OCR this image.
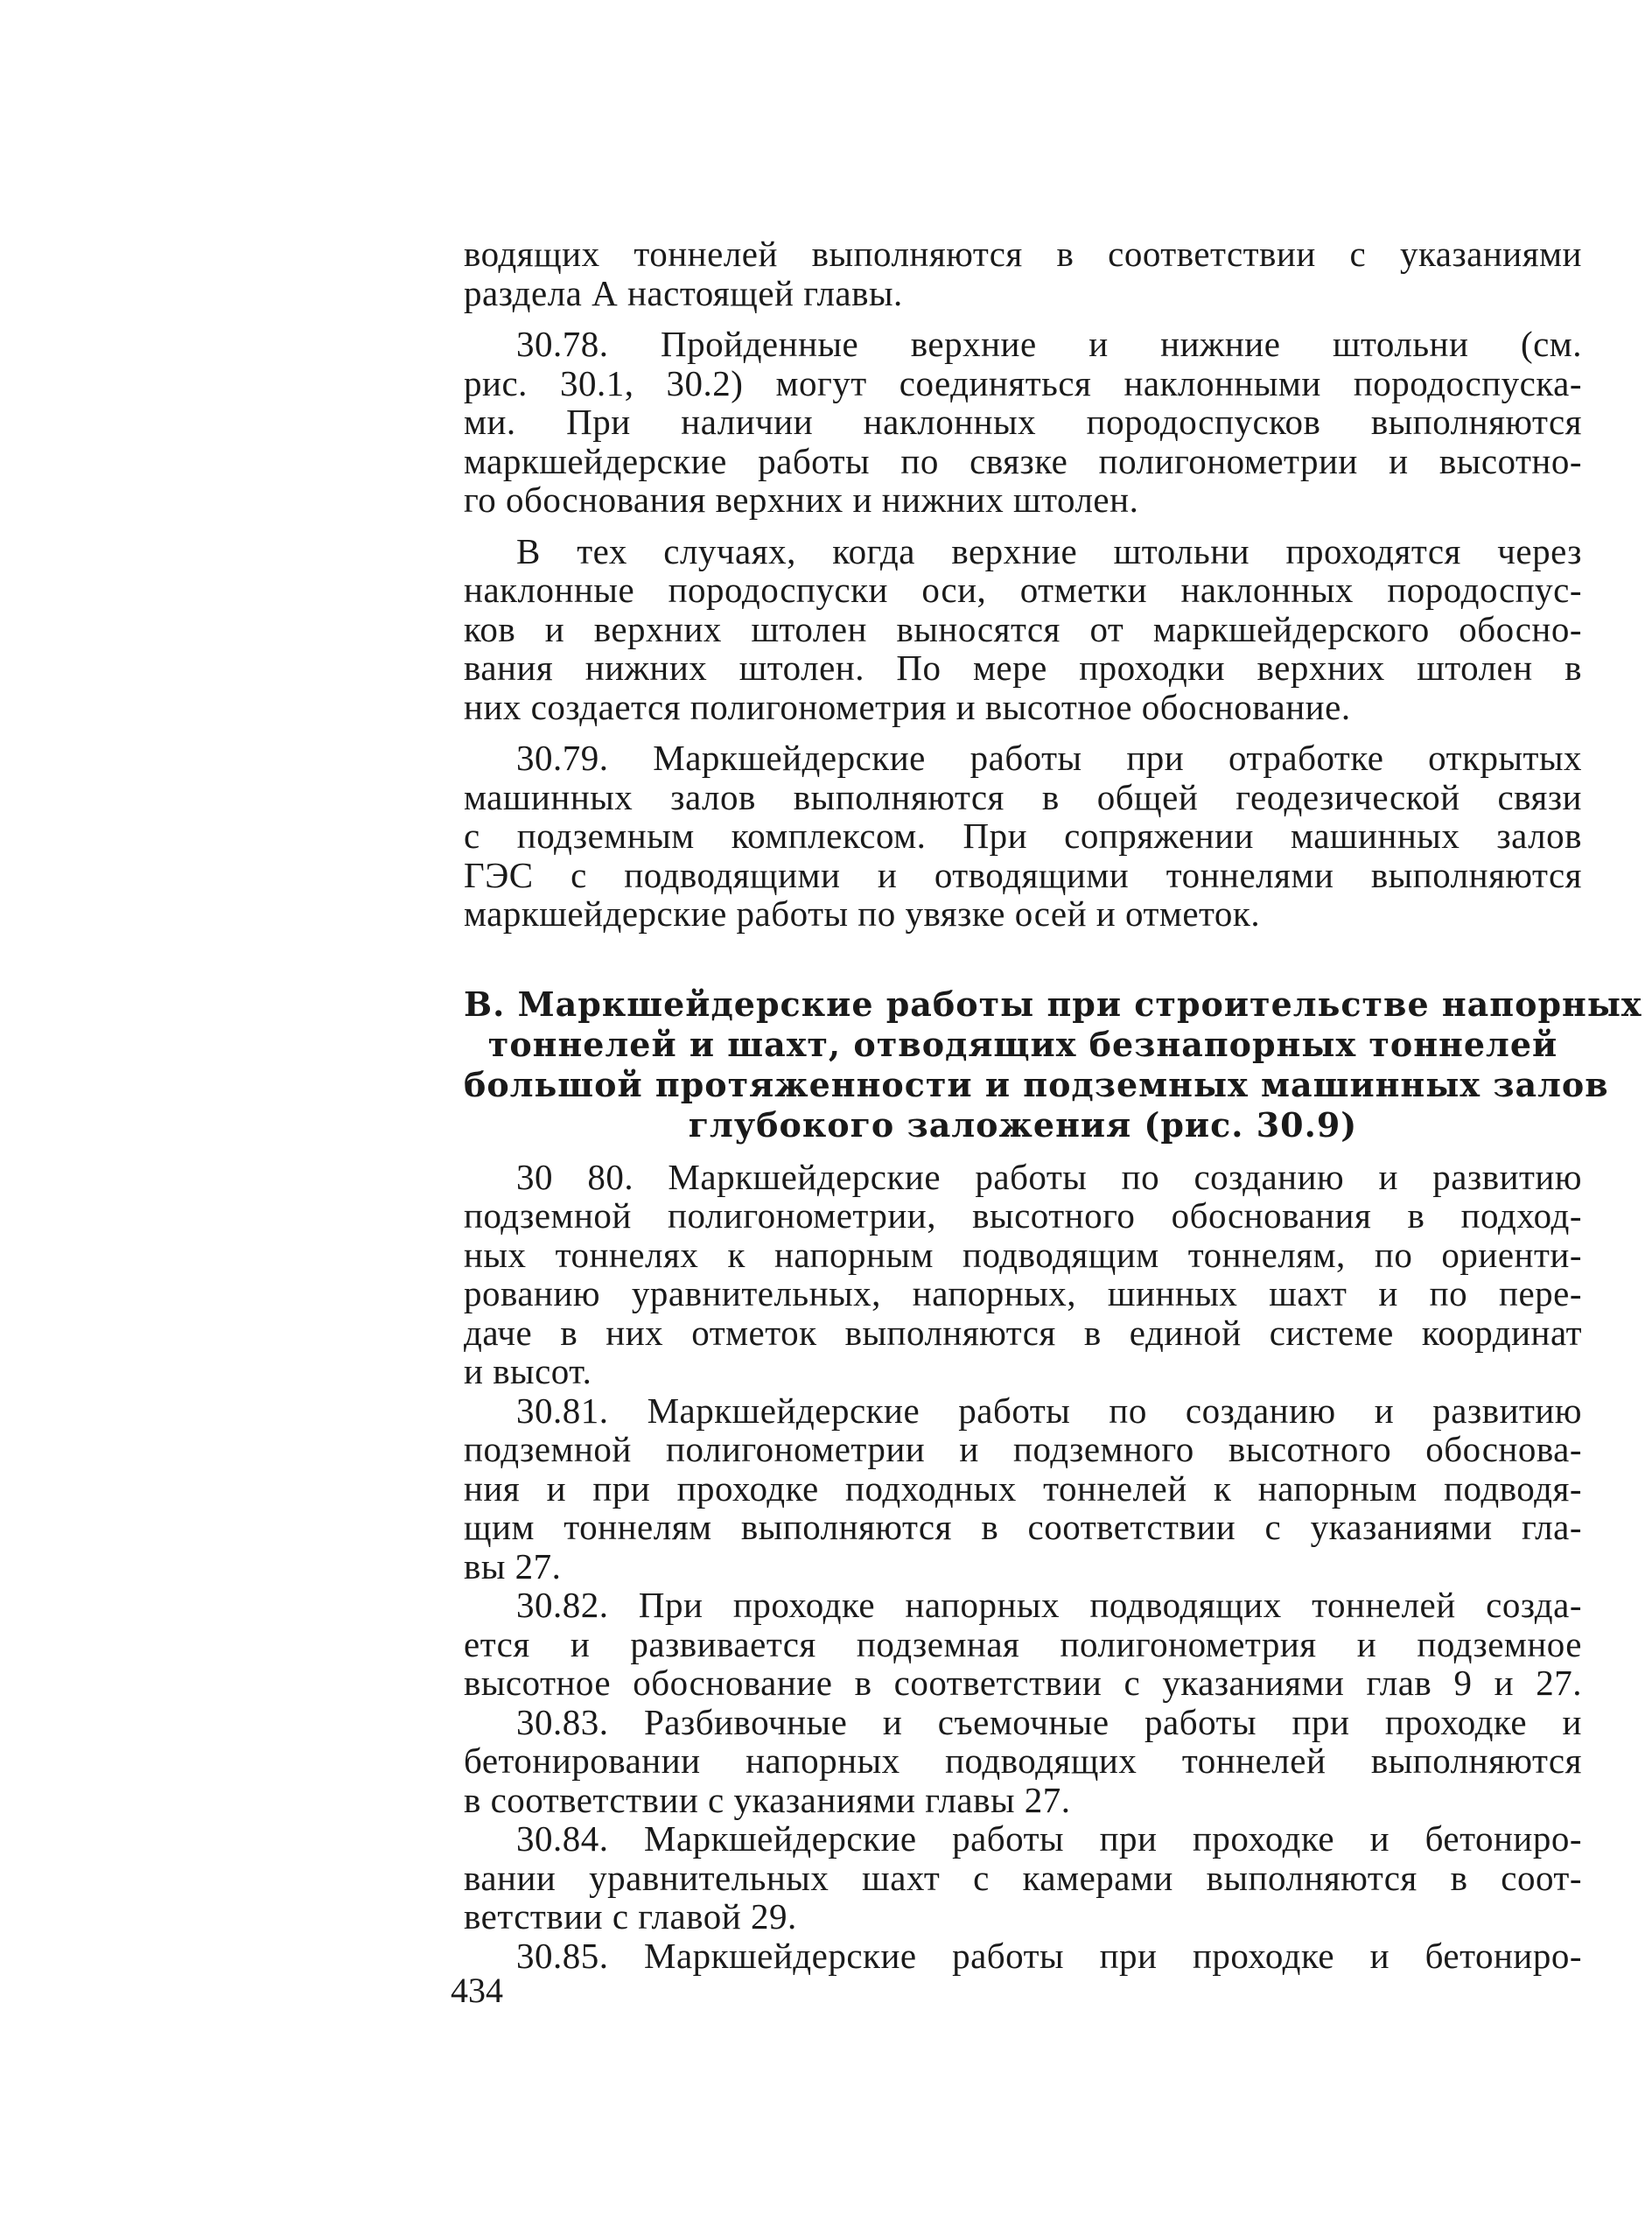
водящих тоннелей выполняются в соответствии с указаниями
раздела А настоящей главы.
30.78. Пройденные верхние и нижние штольни (см.
рис. 30.1, 30.2) могут соединяться наклонными породоспуска-
ми. При наличии наклонных породоспусков выполняются
маркшейдерские работы по связке полигонометрии и высотно-
го обоснования верхних и нижних штолен.
В тех случаях, когда верхние штольни проходятся через
наклонные породоспуски оси, отметки наклонных породоспус-
ков и верхних штолен выносятся от маркшейдерского обосно-
вания нижних штолен. По мере проходки верхних штолен в
них создается полигонометрия и высотное обоснование.
30.79. Маркшейдерские работы при отработке открытых
машинных залов выполняются в общей геодезической связи
с подземным комплексом. При сопряжении машинных залов
ГЭС с подводящими и отводящими тоннелями выполняются
маркшейдерские работы по увязке осей и отметок.
В. Маркшейдерские работы при строительстве напорных
тоннелей и шахт, отводящих безнапорных тоннелей
большой протяженности и подземных машинных залов
глубокого заложения (рис. 30.9)
30 80. Маркшейдерские работы по созданию и развитию
подземной полигонометрии, высотного обоснования в подход-
ных тоннелях к напорным подводящим тоннелям, по ориенти-
рованию уравнительных, напорных, шинных шахт и по пере-
даче в них отметок выполняются в единой системе координат
и высот.
30.81. Маркшейдерские работы по созданию и развитию
подземной полигонометрии и подземного высотного обоснова-
ния и при проходке подходных тоннелей к напорным подводя-
щим тоннелям выполняются в соответствии с указаниями гла-
вы 27.
30.82. При проходке напорных подводящих тоннелей созда-
ется и развивается подземная полигонометрия и подземное
высотное обоснование в соответствии с указаниями глав 9 и 27.
30.83. Разбивочные и съемочные работы при проходке и
бетонировании напорных подводящих тоннелей выполняются
в соответствии с указаниями главы 27.
30.84. Маркшейдерские работы при проходке и бетониро-
вании уравнительных шахт с камерами выполняются в соот-
ветствии с главой 29.
30.85. Маркшейдерские работы при проходке и бетониро-
434
